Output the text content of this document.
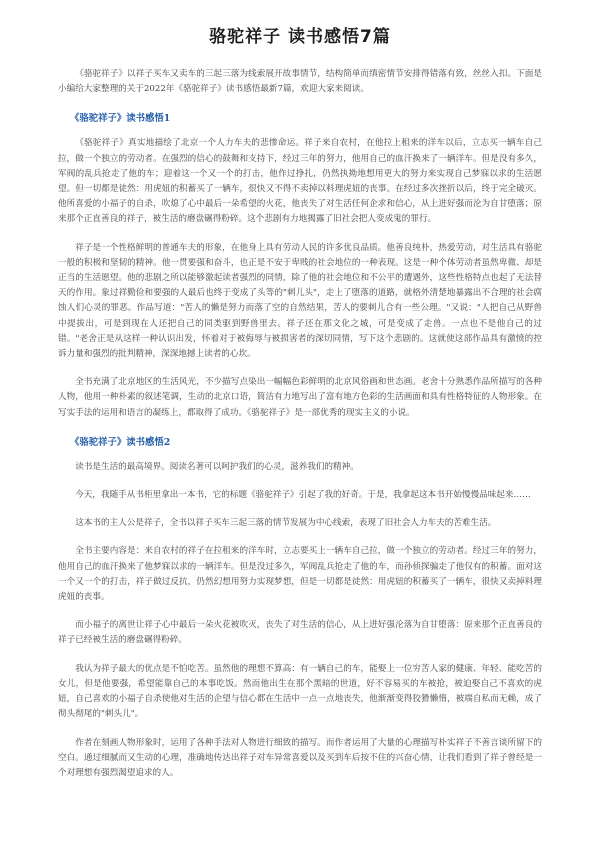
骆驼祥子 读书感悟7篇

《骆驼祥子》以祥子买车又卖车的三起三落为线索展开故事情节，结构简单而缜密情节安排得错落有致，丝丝入扣。下面是小编给大家整理的关于2022年《骆驼祥子》读书感悟最新7篇，欢迎大家来阅读。

《骆驼祥子》读书感悟1

《骆驼祥子》真实地描绘了北京一个人力车夫的悲惨命运。祥子来自农村，在他拉上租来的洋车以后，立志买一辆车自己拉，做一个独立的劳动者。在强烈的信心的鼓舞和支持下，经过三年的努力，他用自己的血汗换来了一辆洋车。但是没有多久，军阀的乱兵抢走了他的车；迎着这一个又一个的打击，他作过挣扎，仍然执拗地想用更大的努力来实现自己梦寐以求的生活愿望。但一切都是徒然：用虎妞的积蓄买了一辆车，很快又不得不卖掉以料理虎妞的丧事。在经过多次挫折以后，终于完全破灭。他所喜爱的小福子的自杀，吹熄了心中最后一朵希望的火花，他丧失了对生活任何企求和信心，从上进好强而沦为自甘堕落；原来那个正直善良的祥子，被生活的磨盘碾得粉碎。这个悲剧有力地揭露了旧社会把人变成鬼的罪行。

祥子是一个性格鲜明的普通车夫的形象，在他身上具有劳动人民的许多优良品质。他善良纯朴，热爱劳动，对生活具有骆驼一般的积极和坚韧的精神。他一贯要强和奋斗，也正是不安于卑贱的社会地位的一种表现。这是一种个体劳动者虽然卑微、却是正当的生活愿望。他的悲剧之所以能够激起读者强烈的同情，除了他的社会地位和不公平的遭遇外，这些性格特点也起了无法替天的作用。象过祥勤俭和要强的人最后也终于变成了头等的"刺儿头"，走上了堕落的道路，就格外清楚地暴露出不合理的社会腐蚀人们心灵的罪恶。作品写道："苦人的懒是努力而落了空的自然结果，苦人的要刺儿合有一些公理。"又说："人把自己从野兽中提拔出，可是到现在人还把自己的同类驱到野兽里去。祥子还在那文化之城，可是变成了走兽。一点也不是他自己的过错。"老舍正是从这样一种认识出发，怀着对于被侮辱与被损害者的深切同情，写下这个悲剧的。这就使这部作品具有激愤的控诉力量和强烈的批判精神，深深地撼上读者的心坎。

全书充满了北京地区的生活风光，不少描写点染出一幅幅色彩鲜明的北京风俗画和世态画。老舍十分熟悉作品所描写的各种人物，他用一种朴素的叙述笔调，生动的北京口语，简洁有力地写出了富有地方色彩的生活画面和具有性格特征的人物形象。在写实手法的运用和语言的凝练上，都取得了成功。《骆驼祥子》是一部优秀的现实主义的小说。

《骆驼祥子》读书感悟2

读书是生活的最高境界。阅读名著可以呵护我们的心灵，滋养我们的精神。

今天，我随手从书柜里拿出一本书，它的标题《骆驼祥子》引起了我的好奇。于是，我拿起这本书开始慢慢品味起来……

这本书的主人公是祥子，全书以祥子买车三起三落的情节发展为中心线索，表现了旧社会人力车夫的苦难生活。

全书主要内容是：来自农村的祥子在拉租来的洋车时，立志要买上一辆车自己拉，做一个独立的劳动者。经过三年的努力，他用自己的血汗换来了他梦寐以求的一辆洋车。但是没过多久，军阀乱兵抢走了他的车，而孙侦探骗走了他仅有的积蓄。面对这一个又一个的打击，祥子做过反抗，仍然幻想用努力实现梦想，但是一切都是徒然：用虎妞的积蓄买了一辆车，很快又卖掉料理虎妞的丧事。

而小福子的离世让祥子心中最后一朵火花被吹灭，丧失了对生活的信心，从上进好强沦落为自甘堕落：原来那个正直善良的祥子已经被生活的磨盘碾得粉碎。

我认为祥子最大的优点是不怕吃苦。虽然他的理想不算高：有一辆自己的车，能娶上一位穷苦人家的健康、年轻、能吃苦的女儿，但是他要强，希望能靠自己的本事吃饭。然而他出生在那个黑暗的世道，好不容易买的车被抢，被迫娶自己不喜欢的虎妞，自己喜欢的小福子自杀使他对生活的企望与信心都在生活中一点一点地丧失，他渐渐变得狡猾懒惰，被端自私而无赖，成了彻头彻尾的"刺头儿"。

作者在刻画人物形象时，运用了各种手法对人物进行细致的描写。而作者运用了大量的心理描写朴实祥子不善言谈所留下的空白。通过细腻而又生动的心理，准确地传达出祥子对车异常喜爱以及买到车后按不住的兴奋心情，让我们看到了祥子曾经是一个对理想有强烈渴望追求的人。
